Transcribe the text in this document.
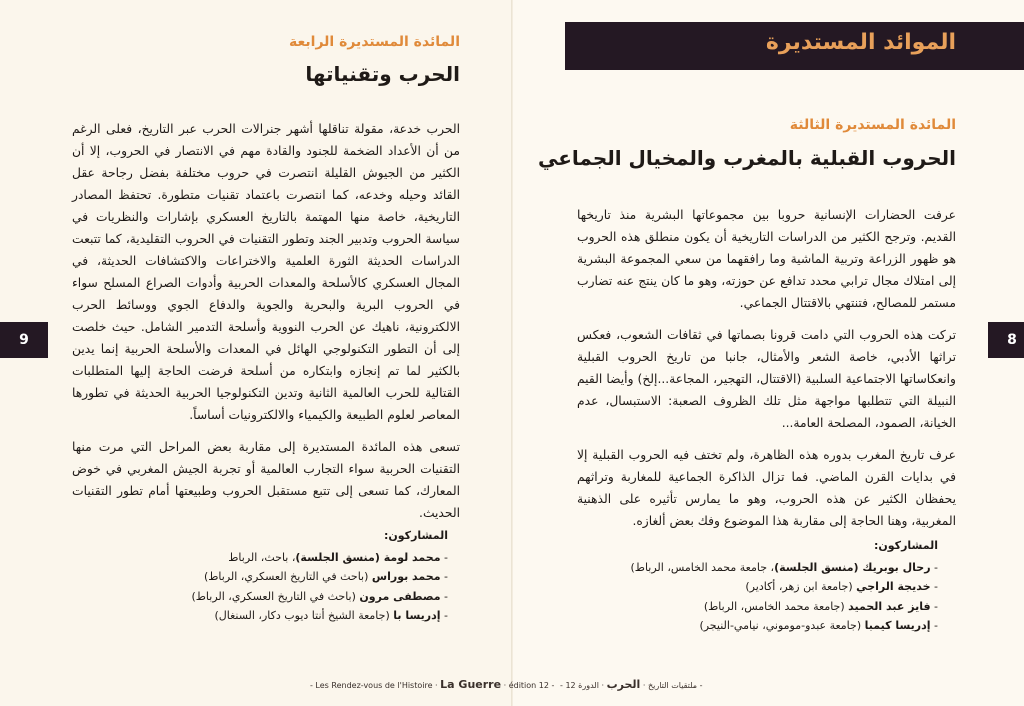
الموائد المستديرة
المائدة المستديرة الثالثة
الحروب القبلية بالمغرب والمخيال الجماعي

عرفت الحضارات الإنسانية حروبا بين مجموعاتها البشرية منذ تاريخها القديم. وترجح الكثير من الدراسات التاريخية أن يكون منطلق هذه الحروب هو ظهور الزراعة وتربية الماشية وما رافقهما من سعي المجموعة البشرية إلى امتلاك مجال ترابي محدد تدافع عن حوزته، وهو ما كان ينتج عنه تضارب مستمر للمصالح، فتنتهي بالاقتتال الجماعي.

تركت هذه الحروب التي دامت قرونا بصماتها في ثقافات الشعوب، فعكس تراثها الأدبي، خاصة الشعر والأمثال، جانبا من تاريخ الحروب القبلية وانعكاساتها الاجتماعية السلبية (الاقتتال، التهجير، المجاعة...إلخ) وأيضا القيم النبيلة التي تتطلبها مواجهة مثل تلك الظروف الصعبة: الاستبسال، عدم الخيانة، الصمود، المصلحة العامة...

عرف تاريخ المغرب بدوره هذه الظاهرة، ولم تختف فيه الحروب القبلية إلا في بدايات القرن الماضي. فما تزال الذاكرة الجماعية للمغاربة وتراثهم يحفظان الكثير عن هذه الحروب، وهو ما يمارس تأثيره على الذهنية المغربية، وهنا الحاجة إلى مقاربة هذا الموضوع وفك بعض ألغازه.

المشاركون:
- رحال بوبريك (منسق الجلسة)، جامعة محمد الخامس، الرباط)
- خديجة الراجي (جامعة ابن زهر، أكادير)
- فايز عبد الحميد (جامعة محمد الخامس، الرباط)
- إدريسا كيمبا (جامعة عبدو-موموني، نيامي-النيجر)
8
- ملتقيات التاريخ · الحرب · الدورة 12 -
المائدة المستديرة الرابعة
الحرب وتقنياتها

الحرب خدعة، مقولة تناقلها أشهر جنرالات الحرب عبر التاريخ، فعلى الرغم من أن الأعداد الضخمة للجنود والقادة مهم في الانتصار في الحروب، إلا أن الكثير من الجيوش القليلة انتصرت في حروب مختلفة بفضل رجاحة عقل القائد وحيله وخدعه، كما انتصرت باعتماد تقنيات متطورة. تحتفظ المصادر التاريخية، خاصة منها المهتمة بالتاريخ العسكري بإشارات والنظريات في سياسة الحروب وتدبير الجند وتطور التقنيات في الحروب التقليدية، كما تتبعت الدراسات الحديثة الثورة العلمية والاختراعات والاكتشافات الحديثة، في المجال العسكري كالأسلحة والمعدات الحربية وأدوات الصراع المسلح سواء في الحروب البرية والبحرية والجوية والدفاع الجوي ووسائط الحرب الالكترونية، ناهيك عن الحرب النووية وأسلحة التدمير الشامل. حيث خلصت إلى أن التطور التكنولوجي الهائل في المعدات والأسلحة الحربية إنما يدين بالكثير لما تم إنجازه وابتكاره من أسلحة فرضت الحاجة إليها المتطلبات القتالية للحرب العالمية الثانية وتدين التكنولوجيا الحربية الحديثة في تطورها المعاصر لعلوم الطبيعة والكيمياء والالكترونيات أساساً.

تسعى هذه المائدة المستديرة إلى مقاربة بعض المراحل التي مرت منها التقنيات الحربية سواء التجارب العالمية أو تجربة الجيش المغربي في خوض المعارك، كما تسعى إلى تتبع مستقبل الحروب وطبيعتها أمام تطور التقنيات الحديث.

المشاركون:
- محمد لومة (منسق الجلسة)، باحث، الرباط
- محمد بوراس (باحث في التاريخ العسكري، الرباط)
- مصطفى مرون (باحث في التاريخ العسكري، الرباط)
- إدريسا با (جامعة الشيخ أنتا ديوب دكار، السنغال)
9
- Les Rendez-vous de l'Histoire · La Guerre · édition 12 -
